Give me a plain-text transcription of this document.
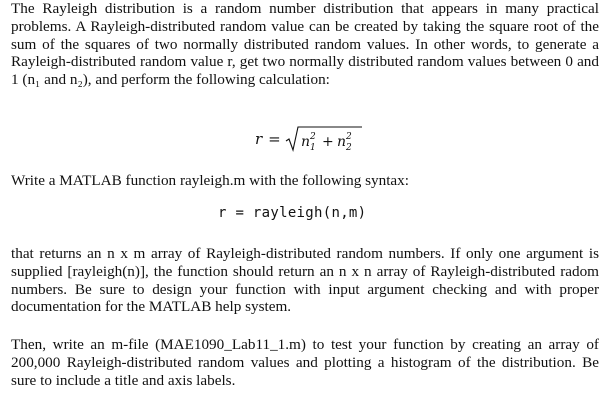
The Rayleigh distribution is a random number distribution that appears in many practical problems. A Rayleigh-distributed random value can be created by taking the square root of the sum of the squares of two normally distributed random values. In other words, to generate a Rayleigh-distributed random value r, get two normally distributed random values between 0 and 1 (n₁ and n₂), and perform the following calculation:

r = n 2
1 + n 2
2

Write a MATLAB function rayleigh.m with the following syntax:

r = rayleigh(n,m)

that returns an n x m array of Rayleigh-distributed random numbers. If only one argument is supplied [rayleigh(n)], the function should return an n x n array of Rayleigh-distributed radom numbers. Be sure to design your function with input argument checking and with proper documentation for the MATLAB help system.

Then, write an m-file (MAE1090_Lab11_1.m) to test your function by creating an array of 200,000 Rayleigh-distributed random values and plotting a histogram of the distribution. Be sure to include a title and axis labels.
